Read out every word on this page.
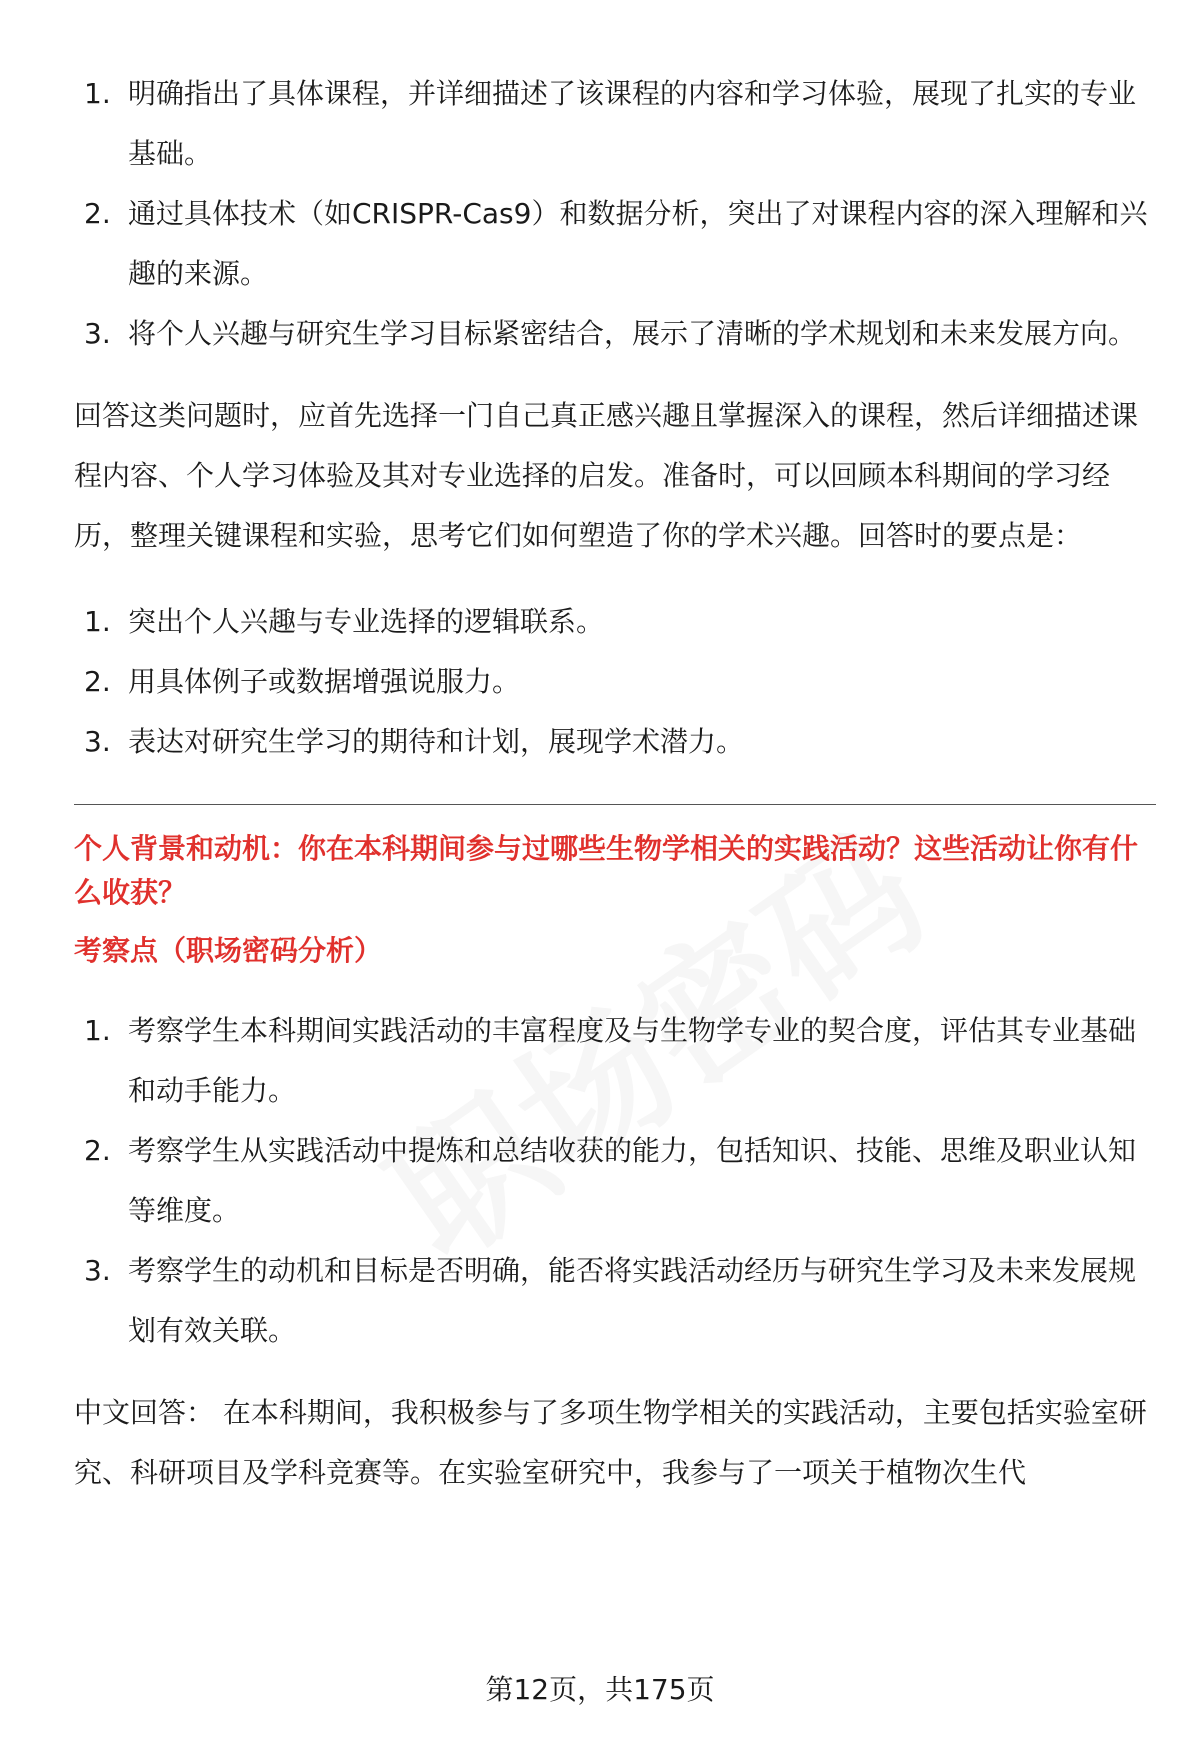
1. 明确指出了具体课程，并详细描述了该课程的内容和学习体验，展现了扎实的专业基础。
2. 通过具体技术（如CRISPR-Cas9）和数据分析，突出了对课程内容的深入理解和兴趣的来源。
3. 将个人兴趣与研究生学习目标紧密结合，展示了清晰的学术规划和未来发展方向。

回答这类问题时，应首先选择一门自己真正感兴趣且掌握深入的课程，然后详细描述课程内容、个人学习体验及其对专业选择的启发。准备时，可以回顾本科期间的学习经历，整理关键课程和实验，思考它们如何塑造了你的学术兴趣。回答时的要点是：

1. 突出个人兴趣与专业选择的逻辑联系。
2. 用具体例子或数据增强说服力。
3. 表达对研究生学习的期待和计划，展现学术潜力。
个人背景和动机：你在本科期间参与过哪些生物学相关的实践活动？这些活动让你有什么收获？
考察点（职场密码分析）
1. 考察学生本科期间实践活动的丰富程度及与生物学专业的契合度，评估其专业基础和动手能力。
2. 考察学生从实践活动中提炼和总结收获的能力，包括知识、技能、思维及职业认知等维度。
3. 考察学生的动机和目标是否明确，能否将实践活动经历与研究生学习及未来发展规划有效关联。

中文回答： 在本科期间，我积极参与了多项生物学相关的实践活动，主要包括实验室研究、科研项目及学科竞赛等。在实验室研究中，我参与了一项关于植物次生代

第12页，共175页
